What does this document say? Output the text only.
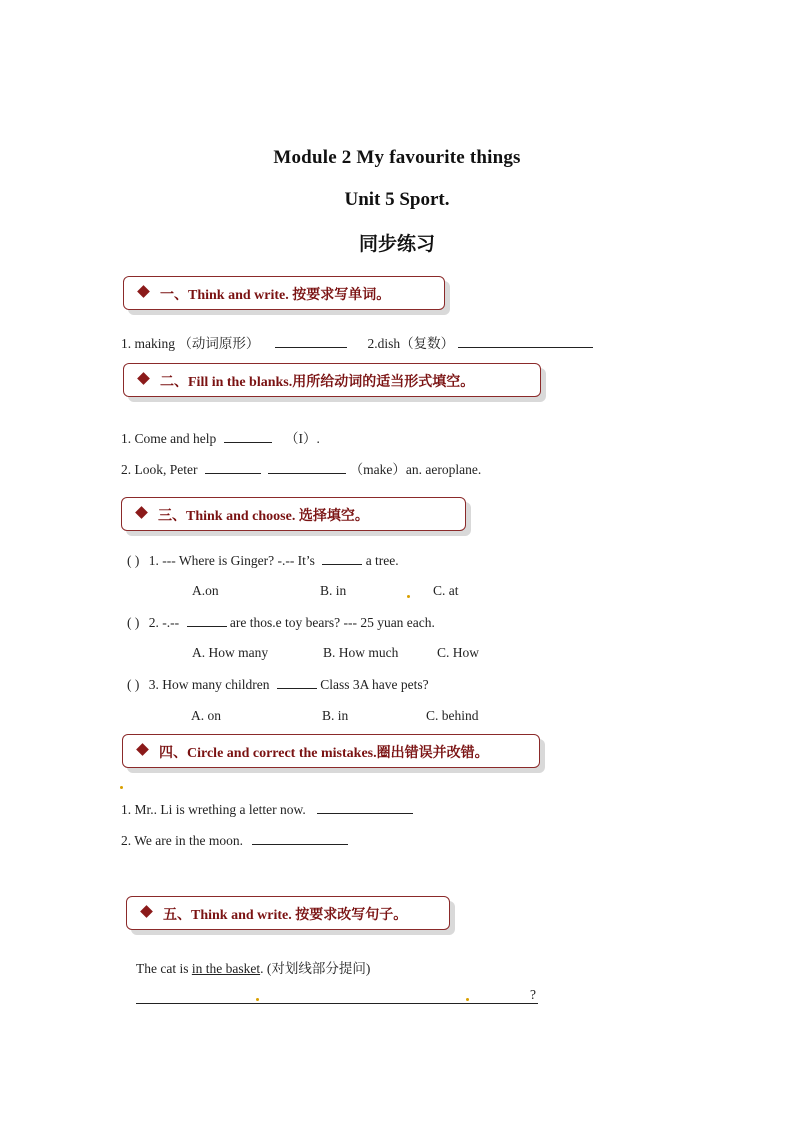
Module 2 My favourite things
Unit 5 Sport.
同步练习
一、Think and write. 按要求写单词。
1. making （动词原形）	2.dish（复数）
二、Fill in the blanks.用所给动词的适当形式填空。
1. Come and help	（I）.
2. Look, Peter	（make）an. aeroplane.
三、Think and choose. 选择填空。
( ) 1. --- Where is Ginger? -.-- It’s	a tree.
A.on	B. in	C. at
( ) 2. -.--	are thos.e toy bears? --- 25 yuan each.
A. How many	B. How much	C. How
( ) 3. How many children	Class 3A have pets?
A. on	B. in	C. behind
四、Circle and correct the mistakes.圈出错误并改错。
1. Mr.. Li is wrething a letter now.
2. We are in the moon.
五、Think and write. 按要求改写句子。
The cat is in the basket. (对划线部分提问)
?
